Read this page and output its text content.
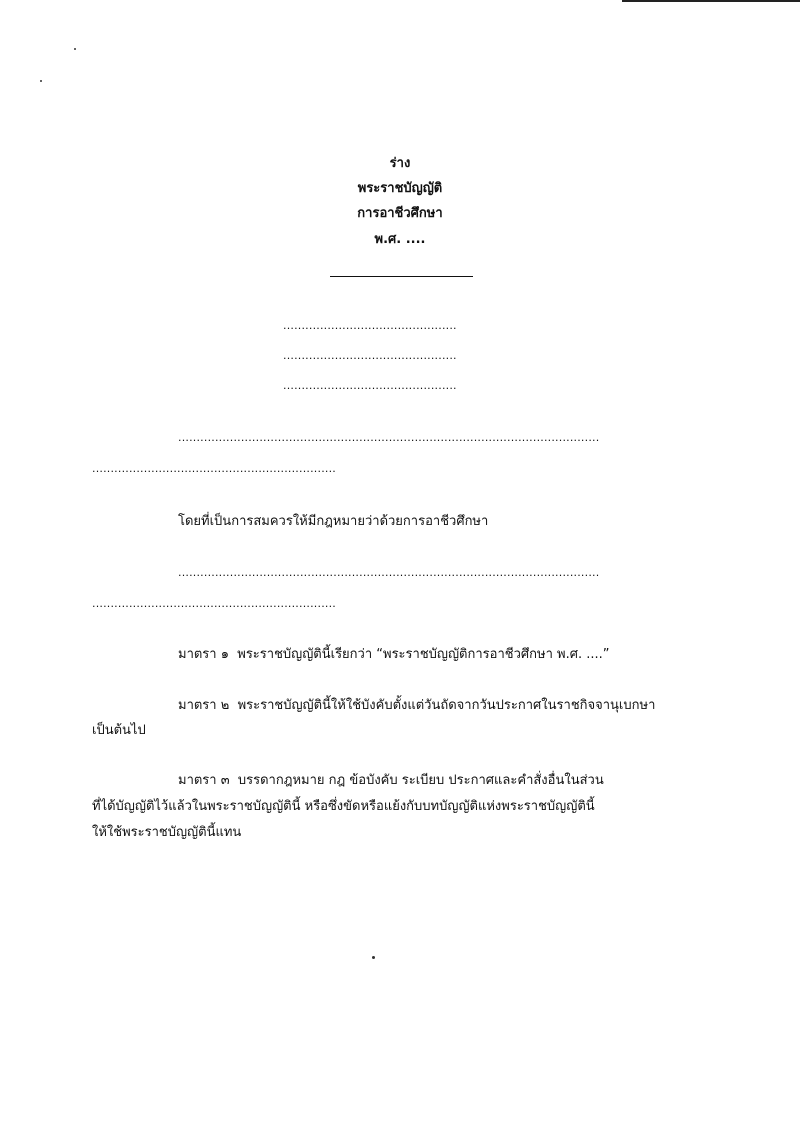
ร่าง
พระราชบัญญัติ
การอาชีวศึกษา
พ.ศ. ....
...............................................
...............................................
...............................................
..................................................................................................................
..................................................................
โดยที่เป็นการสมควรให้มีกฎหมายว่าด้วยการอาชีวศึกษา
..................................................................................................................
..................................................................
มาตรา ๑ พระราชบัญญัตินี้เรียกว่า “พระราชบัญญัติการอาชีวศึกษา พ.ศ. ....”
มาตรา ๒ พระราชบัญญัตินี้ให้ใช้บังคับตั้งแต่วันถัดจากวันประกาศในราชกิจจานุเบกษา
เป็นต้นไป
มาตรา ๓ บรรดากฎหมาย กฎ ข้อบังคับ ระเบียบ ประกาศและคำสั่งอื่นในส่วน
ที่ได้บัญญัติไว้แล้วในพระราชบัญญัตินี้ หรือซึ่งขัดหรือแย้งกับบทบัญญัติแห่งพระราชบัญญัตินี้
ให้ใช้พระราชบัญญัตินี้แทน
